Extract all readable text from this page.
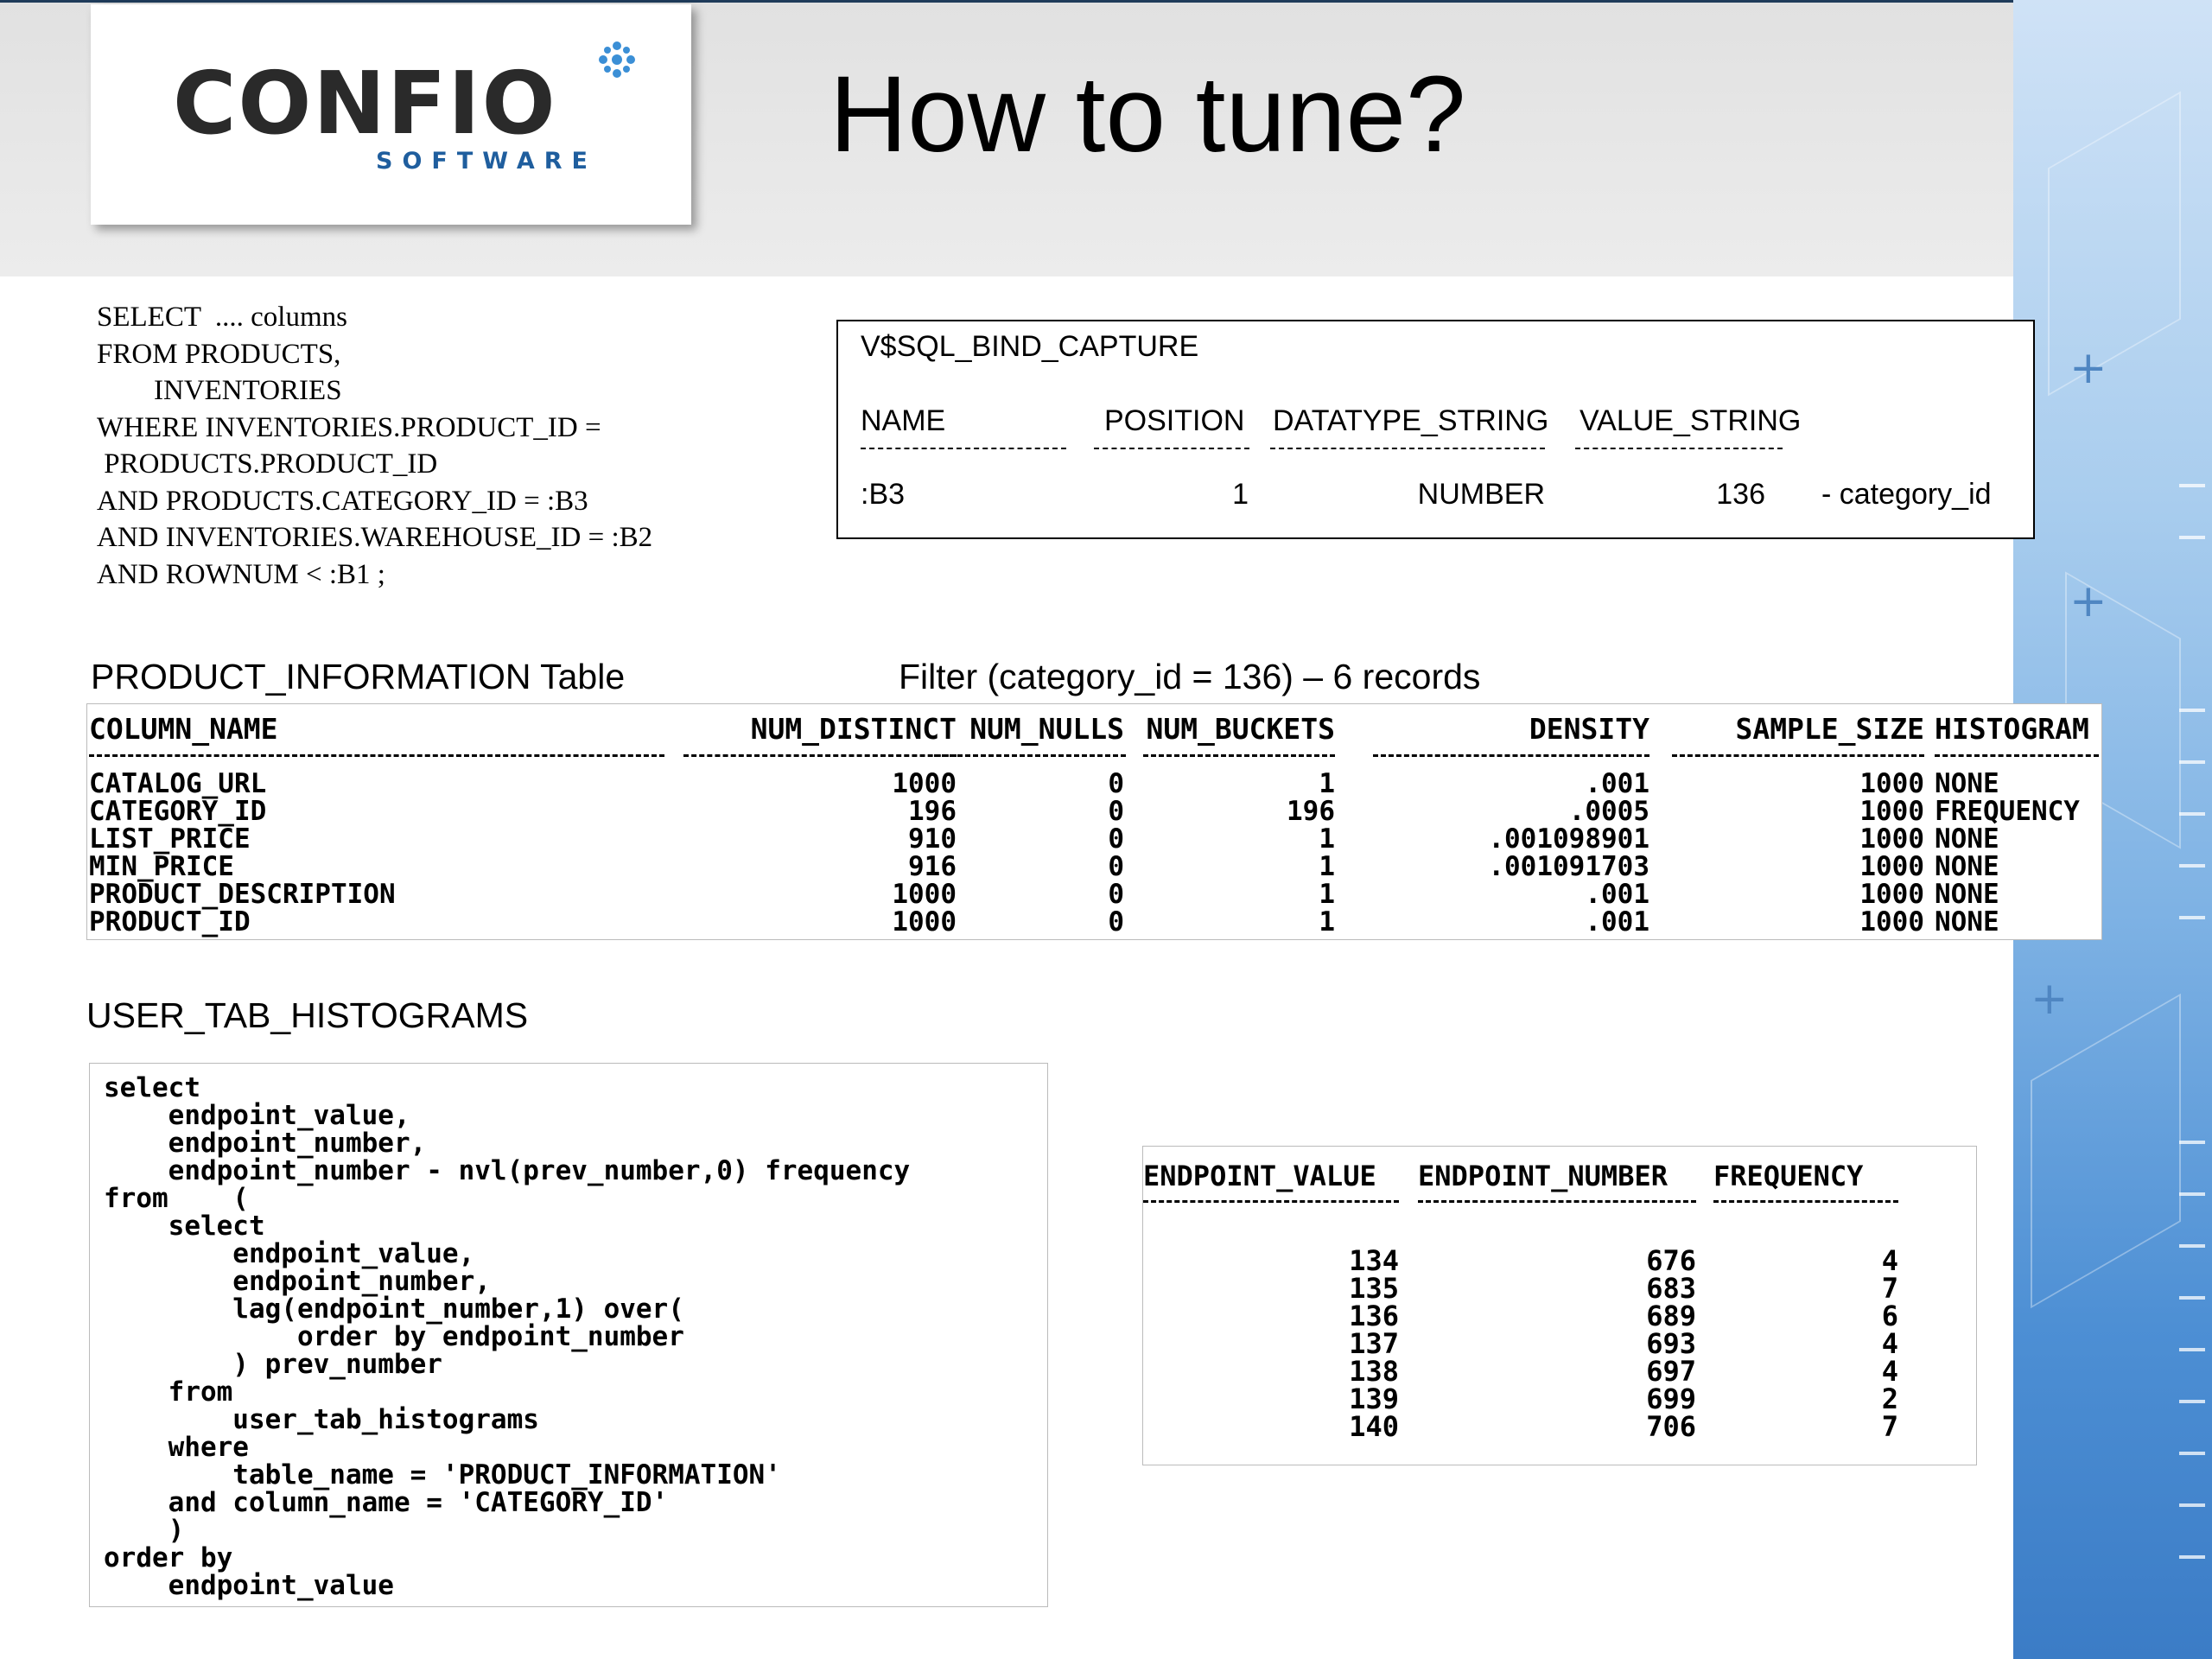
+
+
+
CONFIO
SOFTWARE How to tune?
SELECT  .... columns
FROM PRODUCTS,
INVENTORIES
WHERE INVENTORIES.PRODUCT_ID =
PRODUCTS.PRODUCT_ID
AND PRODUCTS.CATEGORY_ID = :B3
AND INVENTORIES.WAREHOUSE_ID = :B2
AND ROWNUM < :B1 ;
V$SQL_BIND_CAPTURE
NAME	POSITION DATATYPE_STRING VALUE_STRING
:B3	1	NUMBER	136 - category_id
PRODUCT_INFORMATION Table	Filter (category_id = 136) – 6 records
COLUMN_NAME	NUM_DISTINCT NUM_NULLS NUM_BUCKETS	DENSITY	SAMPLE_SIZE HISTOGRAM
CATALOG_URL	1000	0	1	.001	1000 NONE
CATEGORY_ID	196	0	196	.0005	1000 FREQUENCY
LIST_PRICE	910	0	1	.001098901	1000 NONE
MIN_PRICE	916	0	1	.001091703	1000 NONE
PRODUCT_DESCRIPTION	1000	0	1	.001	1000 NONE
PRODUCT_ID	1000	0	1	.001	1000 NONE
USER_TAB_HISTOGRAMS
select
endpoint_value,
endpoint_number,
endpoint_number - nvl(prev_number,0) frequency
from    (
select
endpoint_value,
endpoint_number,
lag(endpoint_number,1) over(
order by endpoint_number
) prev_number
from
user_tab_histograms
where
table_name = 'PRODUCT_INFORMATION'
and column_name = 'CATEGORY_ID'
)
order by
endpoint_value
ENDPOINT_VALUE ENDPOINT_NUMBER FREQUENCY
134	676	4
135	683	7
136	689	6
137	693	4
138	697	4
139	699	2
140	706	7
